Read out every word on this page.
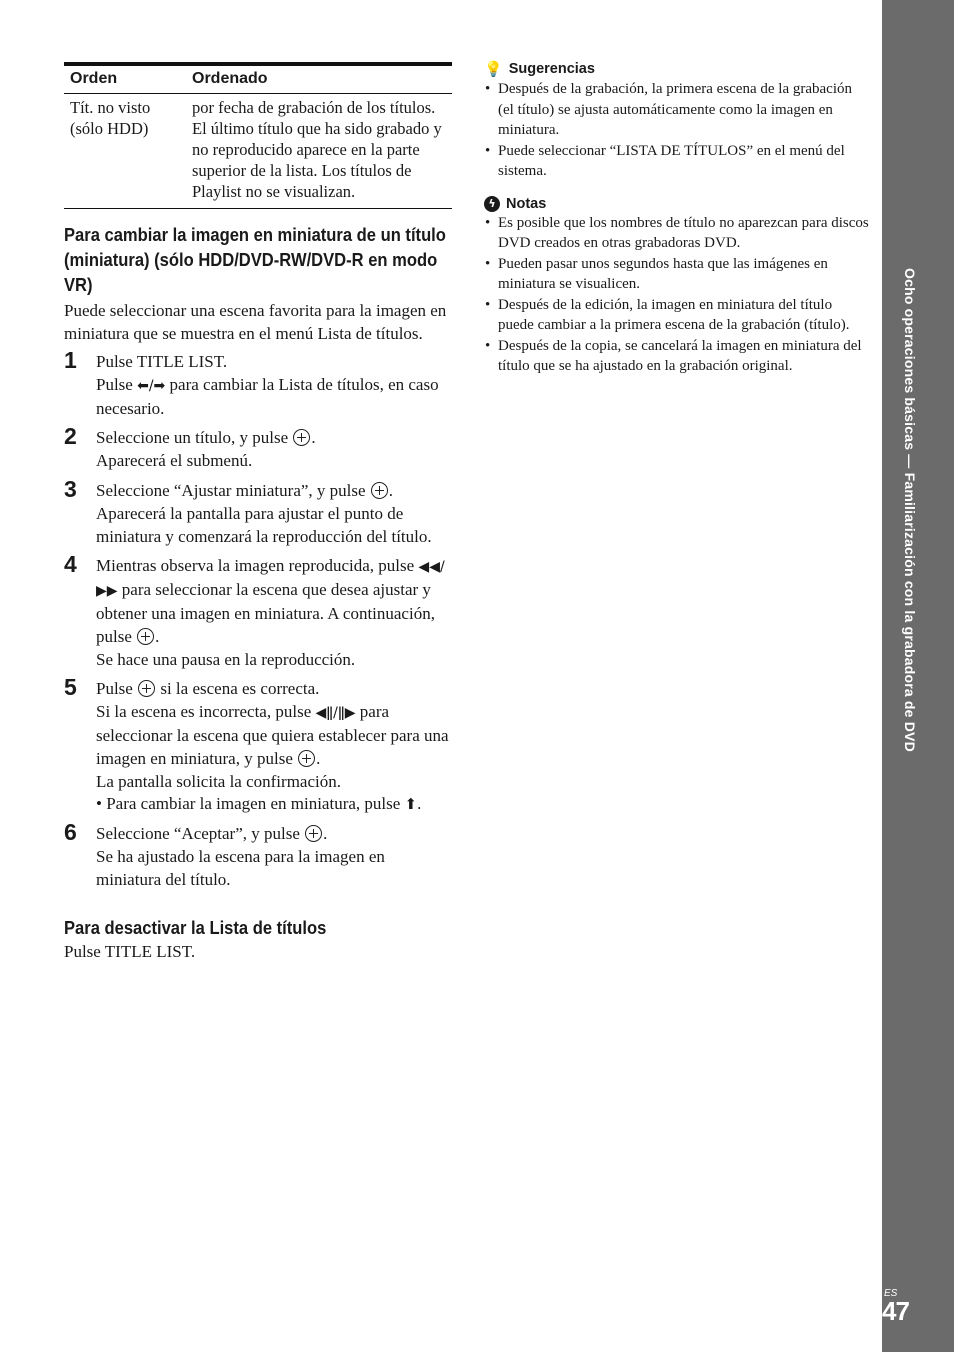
Ocho operaciones básicas — Familiarización con la grabadora de DVD
ES
47
Orden	Ordenado
Tít. no visto (sólo HDD)	por fecha de grabación de los títulos. El último título que ha sido grabado y no reproducido aparece en la parte superior de la lista. Los títulos de Playlist no se visualizan.
Para cambiar la imagen en miniatura de un título (miniatura) (sólo HDD/DVD-RW/DVD-R en modo VR)

Puede seleccionar una escena favorita para la imagen en miniatura que se muestra en el menú Lista de títulos.

1 Pulse TITLE LIST.
Pulse ⬅/➡ para cambiar la Lista de títulos, en caso necesario.
2 Seleccione un título, y pulse .
Aparecerá el submenú.
3 Seleccione “Ajustar miniatura”, y pulse .
Aparecerá la pantalla para ajustar el punto de miniatura y comenzará la reproducción del título.
4 Mientras observa la imagen reproducida, pulse ◀◀/▶▶ para seleccionar la escena que desea ajustar y obtener una imagen en miniatura. A continuación, pulse .
Se hace una pausa en la reproducción.
5 Pulse si la escena es correcta.
Si la escena es incorrecta, pulse ◀ǁ/ǁ▶ para seleccionar la escena que quiera establecer para una imagen en miniatura, y pulse .
La pantalla solicita la confirmación.
• Para cambiar la imagen en miniatura, pulse ⬆.
6 Seleccione “Aceptar”, y pulse .
Se ha ajustado la escena para la imagen en miniatura del título.
Para desactivar la Lista de títulos

Pulse TITLE LIST.

💡 Sugerencias
• Después de la grabación, la primera escena de la grabación (el título) se ajusta automáticamente como la imagen en miniatura.
• Puede seleccionar “LISTA DE TÍTULOS” en el menú del sistema.
ϟ Notas
• Es posible que los nombres de título no aparezcan para discos DVD creados en otras grabadoras DVD.
• Pueden pasar unos segundos hasta que las imágenes en miniatura se visualicen.
• Después de la edición, la imagen en miniatura del título puede cambiar a la primera escena de la grabación (título).
• Después de la copia, se cancelará la imagen en miniatura del título que se ha ajustado en la grabación original.
